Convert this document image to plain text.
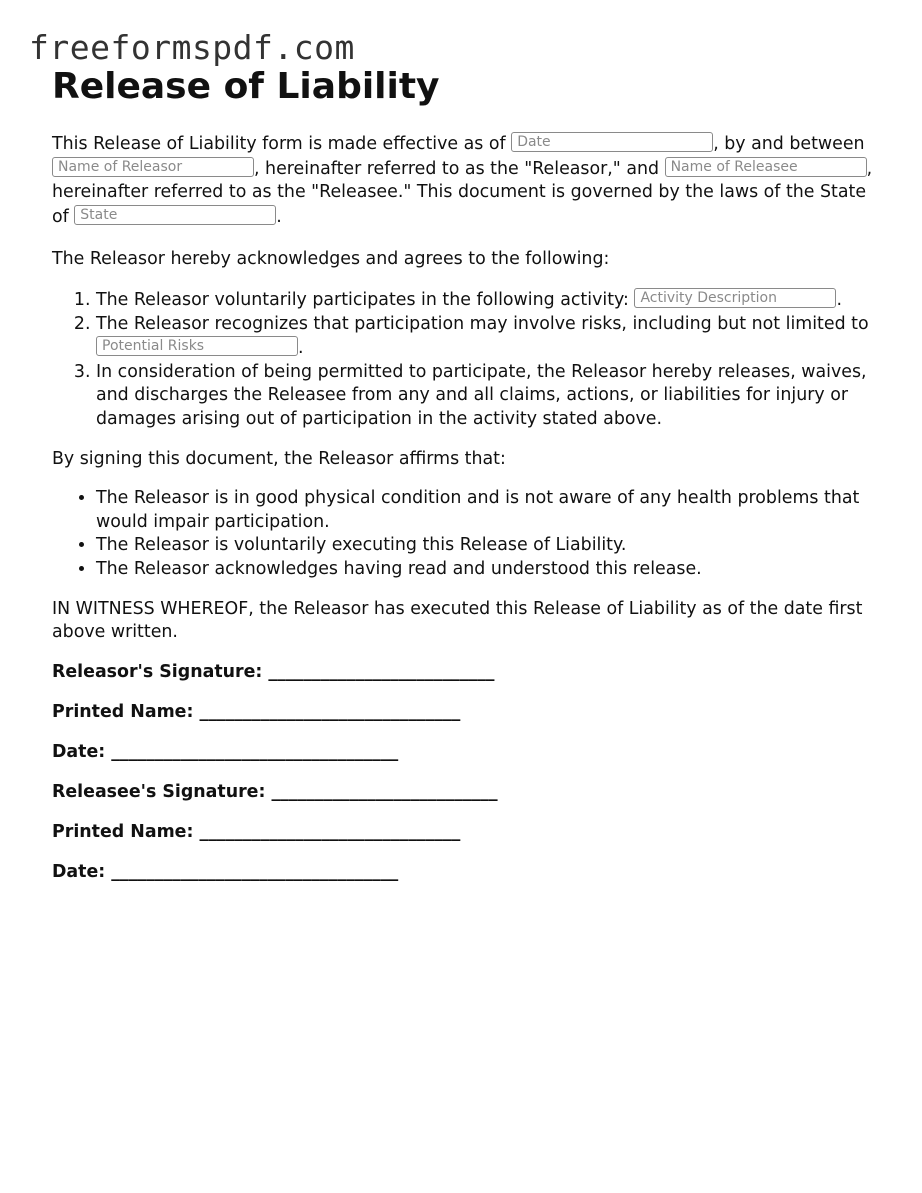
freeformspdf.com
Release of Liability

This Release of Liability form is made effective as of Date	, by and between Name of Releasor	, hereinafter referred to as the "Releasor," and Name of Releasee	, hereinafter referred to as the "Releasee." This document is governed by the laws of the State of State	.

The Releasor hereby acknowledges and agrees to the following:

1. The Releasor voluntarily participates in the following activity: Activity Description	.
2. The Releasor recognizes that participation may involve risks, including but not limited to Potential Risks	.
3. In consideration of being permitted to participate, the Releasor hereby releases, waives, and discharges the Releasee from any and all claims, actions, or liabilities for injury or damages arising out of participation in the activity stated above.

By signing this document, the Releasor affirms that:

• The Releasor is in good physical condition and is not aware of any health problems that would impair participation.
• The Releasor is voluntarily executing this Release of Liability.
• The Releasor acknowledges having read and understood this release.

IN WITNESS WHEREOF, the Releasor has executed this Release of Liability as of the date first above written.

Releasor's Signature: __________________________

Printed Name: ______________________________

Date: _________________________________

Releasee's Signature: __________________________

Printed Name: ______________________________

Date: _________________________________
